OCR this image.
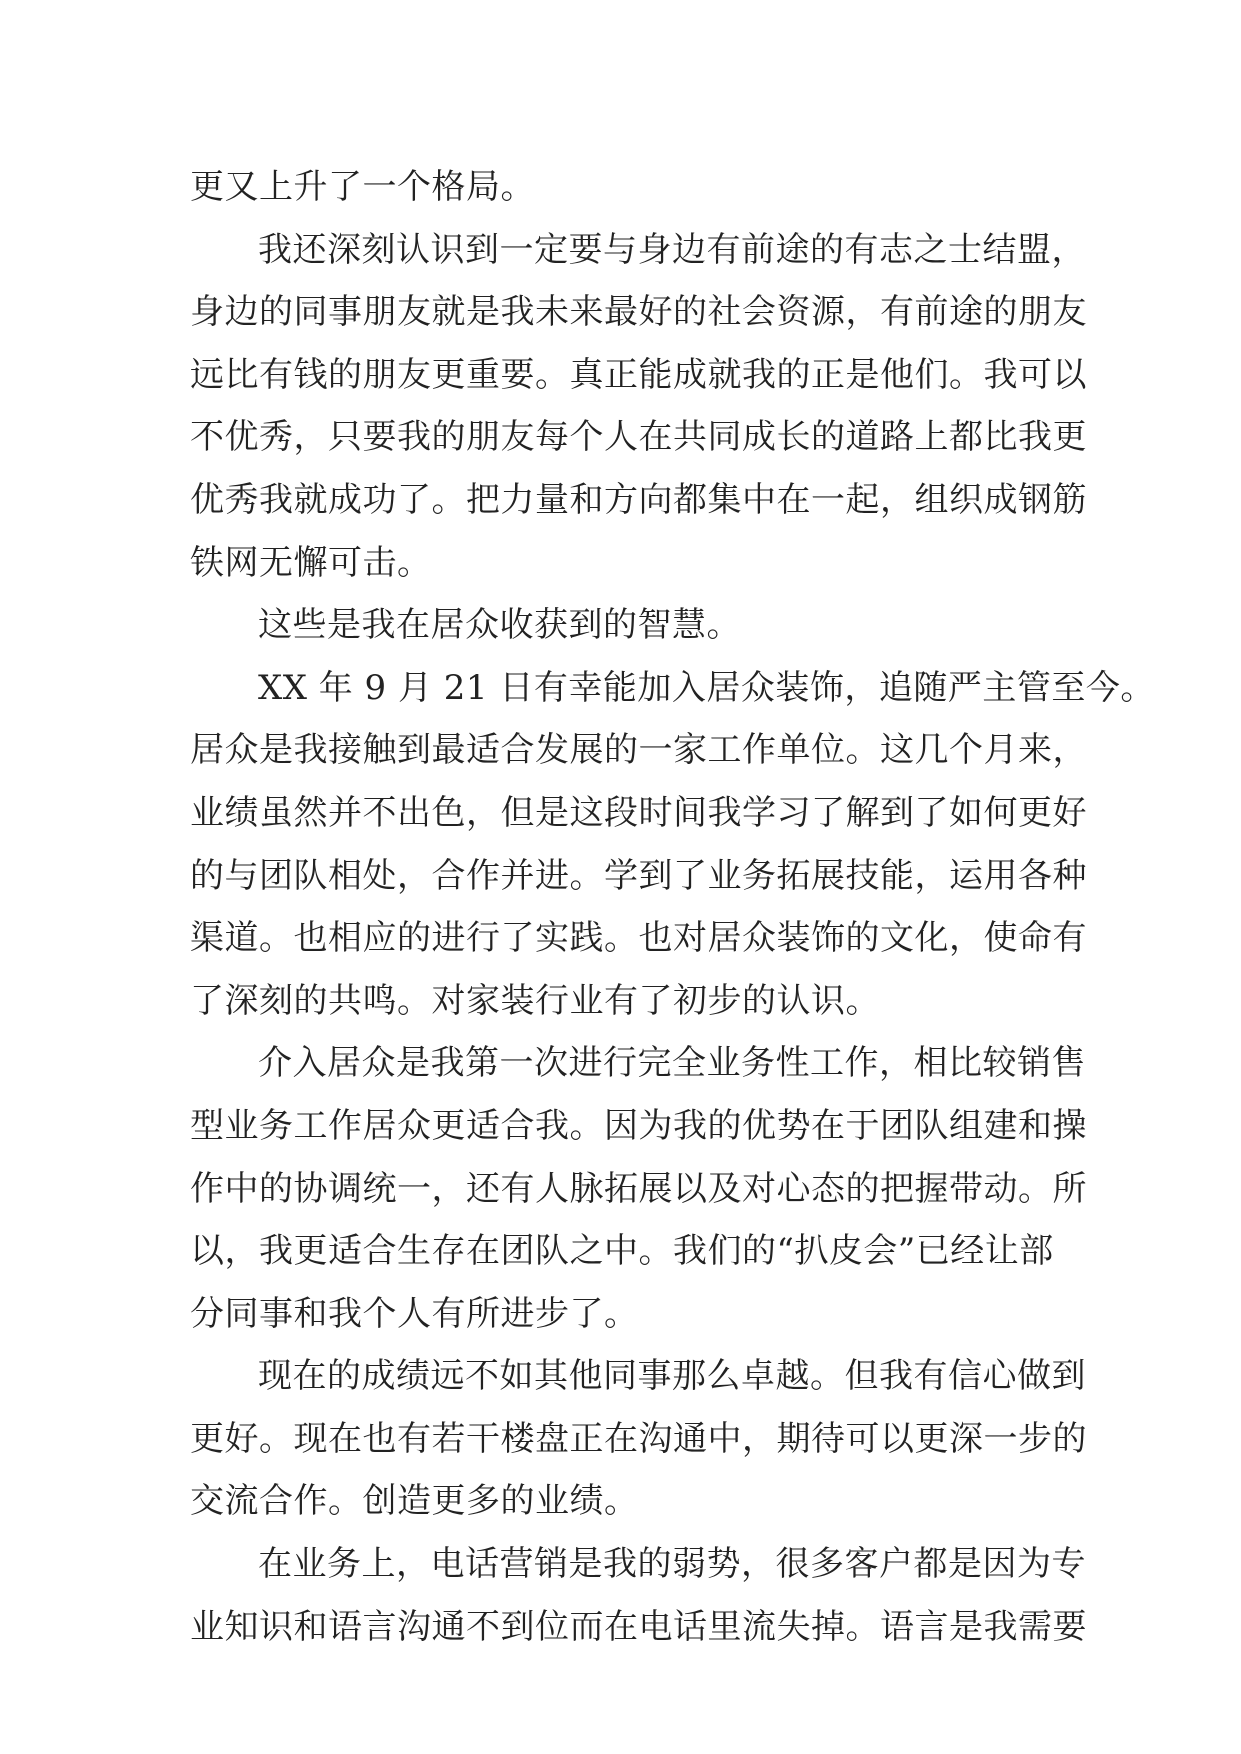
更又上升了一个格局。
我还深刻认识到一定要与身边有前途的有志之士结盟，
身边的同事朋友就是我未来最好的社会资源，有前途的朋友
远比有钱的朋友更重要。真正能成就我的正是他们。我可以
不优秀，只要我的朋友每个人在共同成长的道路上都比我更
优秀我就成功了。把力量和方向都集中在一起，组织成钢筋
铁网无懈可击。
这些是我在居众收获到的智慧。
XX 年 9 月 21 日有幸能加入居众装饰，追随严主管至今。
居众是我接触到最适合发展的一家工作单位。这几个月来，
业绩虽然并不出色，但是这段时间我学习了解到了如何更好
的与团队相处，合作并进。学到了业务拓展技能，运用各种
渠道。也相应的进行了实践。也对居众装饰的文化，使命有
了深刻的共鸣。对家装行业有了初步的认识。
介入居众是我第一次进行完全业务性工作，相比较销售
型业务工作居众更适合我。因为我的优势在于团队组建和操
作中的协调统一，还有人脉拓展以及对心态的把握带动。所
以，我更适合生存在团队之中。我们的“扒皮会”已经让部
分同事和我个人有所进步了。
现在的成绩远不如其他同事那么卓越。但我有信心做到
更好。现在也有若干楼盘正在沟通中，期待可以更深一步的
交流合作。创造更多的业绩。
在业务上，电话营销是我的弱势，很多客户都是因为专
业知识和语言沟通不到位而在电话里流失掉。语言是我需要
